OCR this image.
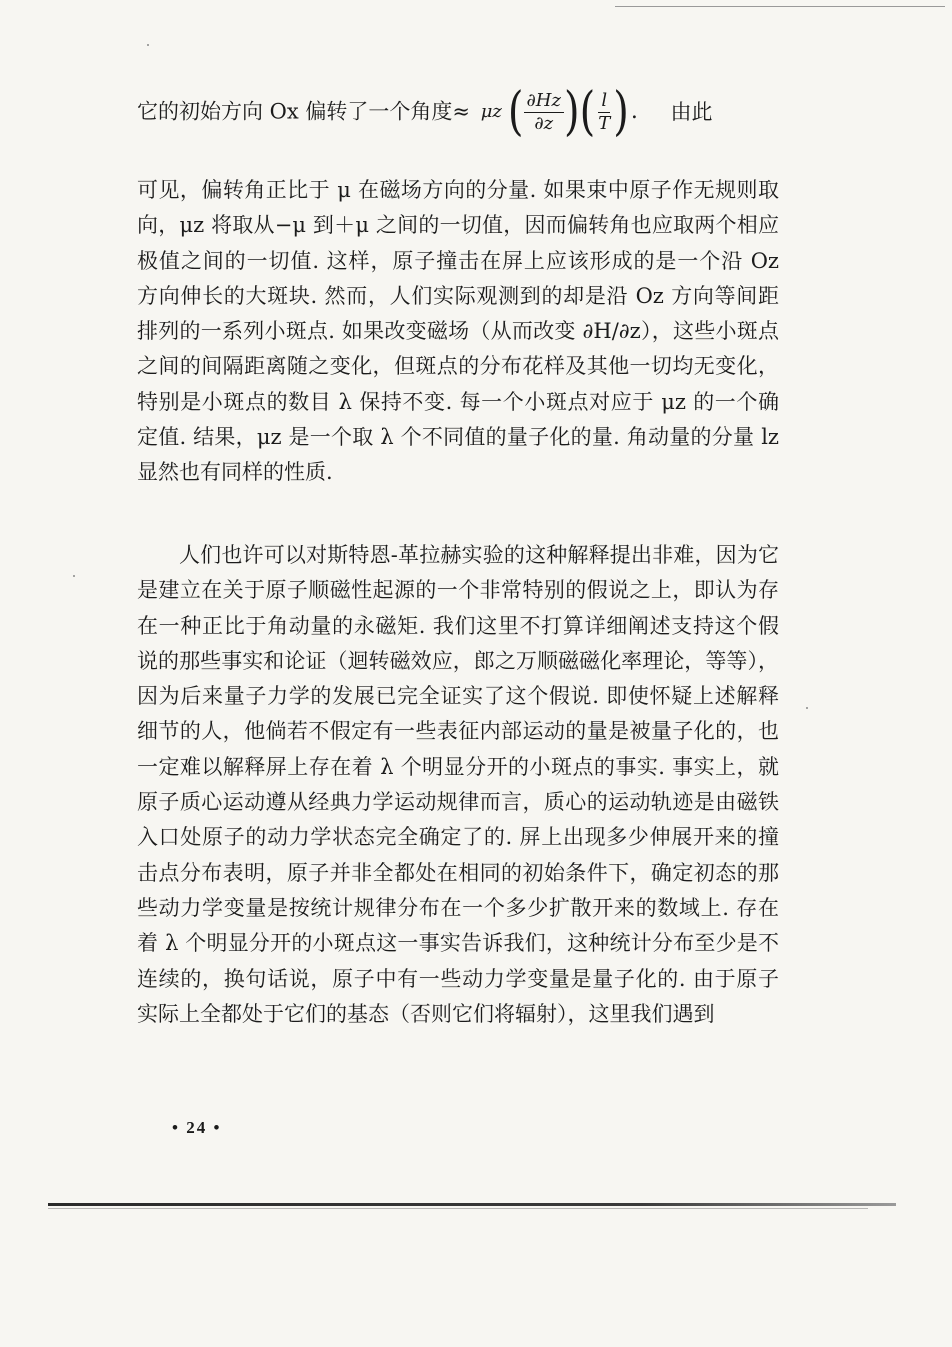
它的初始方向 Ox 偏转了一个角度≈ μz ( $\frac{\partial Hz}{\partial z}$ )( $\frac{l}{T}$ ). 由此

可见，偏转角正比于 μ 在磁场方向的分量. 如果束中原子作无规则取向，μz 将取从−μ 到＋μ 之间的一切值，因而偏转角也应取两个相应极值之间的一切值. 这样，原子撞击在屏上应该形成的是一个沿 Oz 方向伸长的大斑块. 然而，人们实际观测到的却是沿 Oz 方向等间距排列的一系列小斑点. 如果改变磁场（从而改变 ∂H/∂z），这些小斑点之间的间隔距离随之变化，但斑点的分布花样及其他一切均无变化，特别是小斑点的数目 λ 保持不变. 每一个小斑点对应于 μz 的一个确定值. 结果，μz 是一个取 λ 个不同值的量子化的量. 角动量的分量 lz 显然也有同样的性质.

人们也许可以对斯特恩-革拉赫实验的这种解释提出非难，因为它是建立在关于原子顺磁性起源的一个非常特别的假说之上，即认为存在一种正比于角动量的永磁矩. 我们这里不打算详细阐述支持这个假说的那些事实和论证（迴转磁效应，郎之万顺磁磁化率理论，等等），因为后来量子力学的发展已完全证实了这个假说. 即使怀疑上述解释细节的人，他倘若不假定有一些表征内部运动的量是被量子化的，也一定难以解释屏上存在着 λ 个明显分开的小斑点的事实. 事实上，就原子质心运动遵从经典力学运动规律而言，质心的运动轨迹是由磁铁入口处原子的动力学状态完全确定了的. 屏上出现多少伸展开来的撞击点分布表明，原子并非全都处在相同的初始条件下，确定初态的那些动力学变量是按统计规律分布在一个多少扩散开来的数域上. 存在着 λ 个明显分开的小斑点这一事实告诉我们，这种统计分布至少是不连续的，换句话说，原子中有一些动力学变量是量子化的. 由于原子实际上全都处于它们的基态（否则它们将辐射），这里我们遇到

• 24 •
